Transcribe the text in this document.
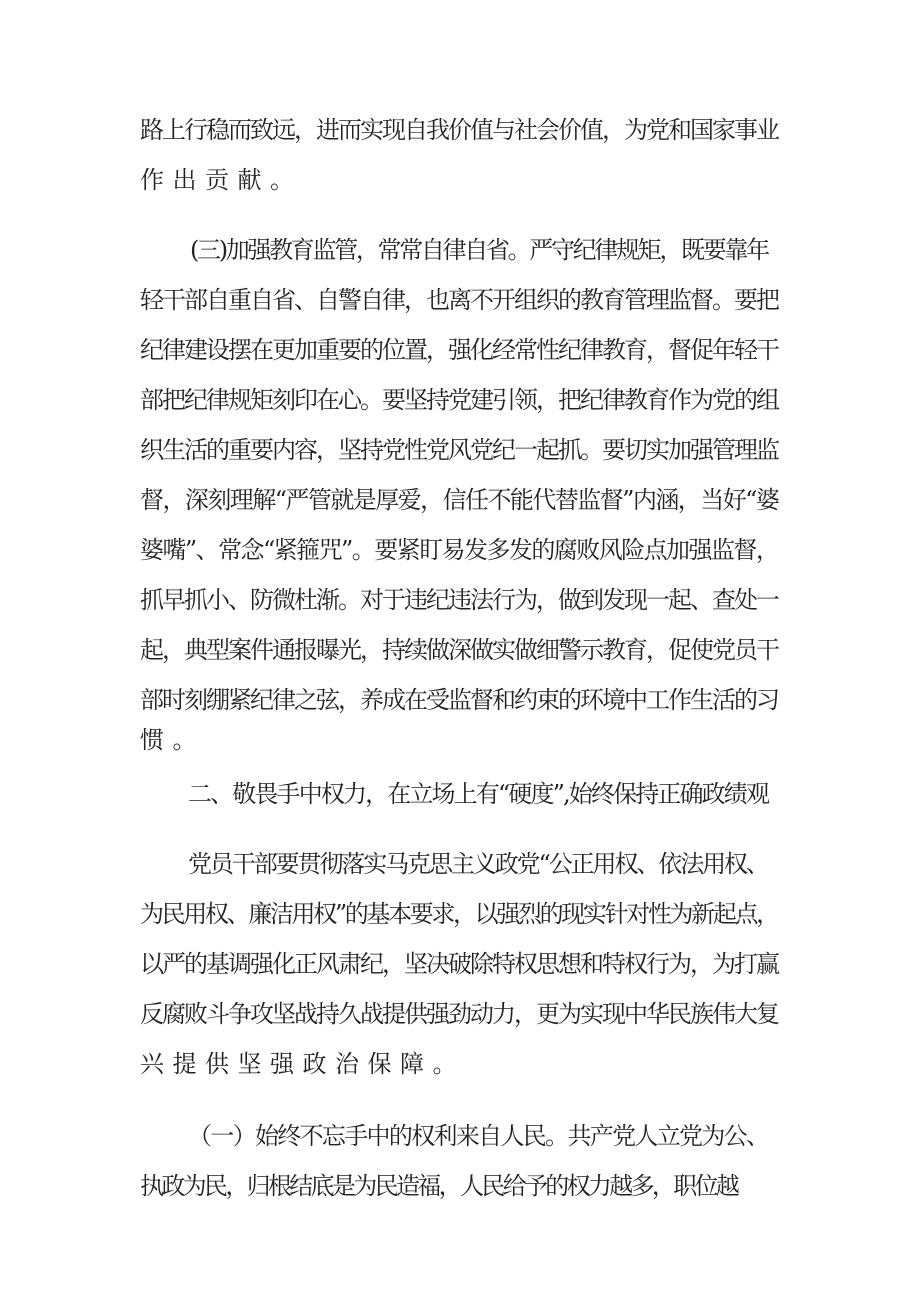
路上行稳而致远，进而实现自我价值与社会价值，为党和国家事业
作出贡献。
(三)加强教育监管，常常自律自省。严守纪律规矩，既要靠年
轻干部自重自省、自警自律，也离不开组织的教育管理监督。要把
纪律建设摆在更加重要的位置，强化经常性纪律教育，督促年轻干
部把纪律规矩刻印在心。要坚持党建引领，把纪律教育作为党的组
织生活的重要内容，坚持党性党风党纪一起抓。要切实加强管理监
督，深刻理解“严管就是厚爱，信任不能代替监督”内涵，当好“婆
婆嘴”、常念“紧箍咒”。要紧盯易发多发的腐败风险点加强监督，
抓早抓小、防微杜渐。对于违纪违法行为，做到发现一起、查处一
起，典型案件通报曝光，持续做深做实做细警示教育，促使党员干
部时刻绷紧纪律之弦，养成在受监督和约束的环境中工作生活的习
惯。
二、敬畏手中权力，在立场上有“硬度”,始终保持正确政绩观
党员干部要贯彻落实马克思主义政党“公正用权、依法用权、
为民用权、廉洁用权”的基本要求，以强烈的现实针对性为新起点，
以严的基调强化正风肃纪，坚决破除特权思想和特权行为，为打赢
反腐败斗争攻坚战持久战提供强劲动力，更为实现中华民族伟大复
兴提供坚强政治保障。
（一）始终不忘手中的权利来自人民。共产党人立党为公、
执政为民，归根结底是为民造福，人民给予的权力越多，职位越
